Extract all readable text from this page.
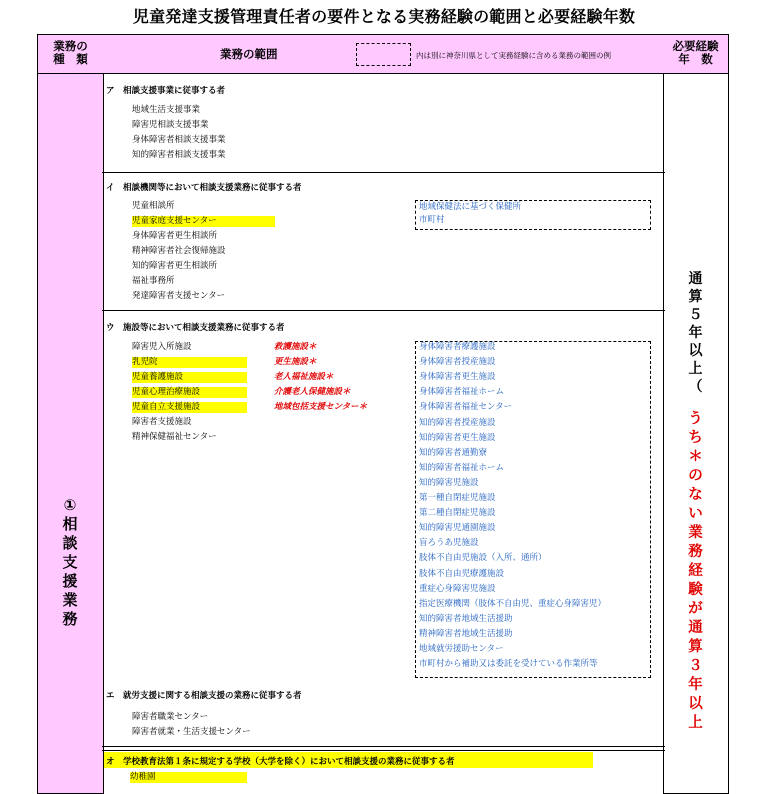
児童発達支援管理責任者の要件となる実務経験の範囲と必要経験年数
業務の
種　類	業務の範囲	内は別に神奈川県として実務経験に含める業務の範囲の例
必要経験
年　数
①
相
談
支
援
業
務
通
算
５
年
以
上
（
う
ち
＊
の
な
い
業
務
経
験
が
通
算
３
年
以
上
ア　相談支援事業に従事する者
地域生活支援事業
障害児相談支援事業
身体障害者相談支援事業
知的障害者相談支援事業
イ　相談機関等において相談支援業務に従事する者
児童相談所
児童家庭支援センター
身体障害者更生相談所
精神障害者社会復帰施設
知的障害者更生相談所
福祉事務所
発達障害者支援センター
地域保健法に基づく保健所
市町村
ウ　施設等において相談支援業務に従事する者
障害児入所施設
乳児院
児童養護施設
児童心理治療施設
児童自立支援施設
障害者支援施設
精神保健福祉センター
救護施設＊
更生施設＊
老人福祉施設＊
介護老人保健施設＊
地域包括支援センター＊
身体障害者療護施設
身体障害者授産施設
身体障害者更生施設
身体障害者福祉ホーム
身体障害者福祉センター
知的障害者授産施設
知的障害者更生施設
知的障害者通勤寮
知的障害者福祉ホーム
知的障害児施設
第一種自閉症児施設
第二種自閉症児施設
知的障害児通園施設
盲ろうあ児施設
肢体不自由児施設（入所、通所）
肢体不自由児療護施設
重症心身障害児施設
指定医療機関（肢体不自由児、重症心身障害児）
知的障害者地域生活援助
精神障害者地域生活援助
地域就労援助センター
市町村から補助又は委託を受けている作業所等
エ　就労支援に関する相談支援の業務に従事する者
障害者職業センター
障害者就業・生活支援センター
オ　学校教育法第１条に規定する学校（大学を除く）において相談支援の業務に従事する者
幼稚園
